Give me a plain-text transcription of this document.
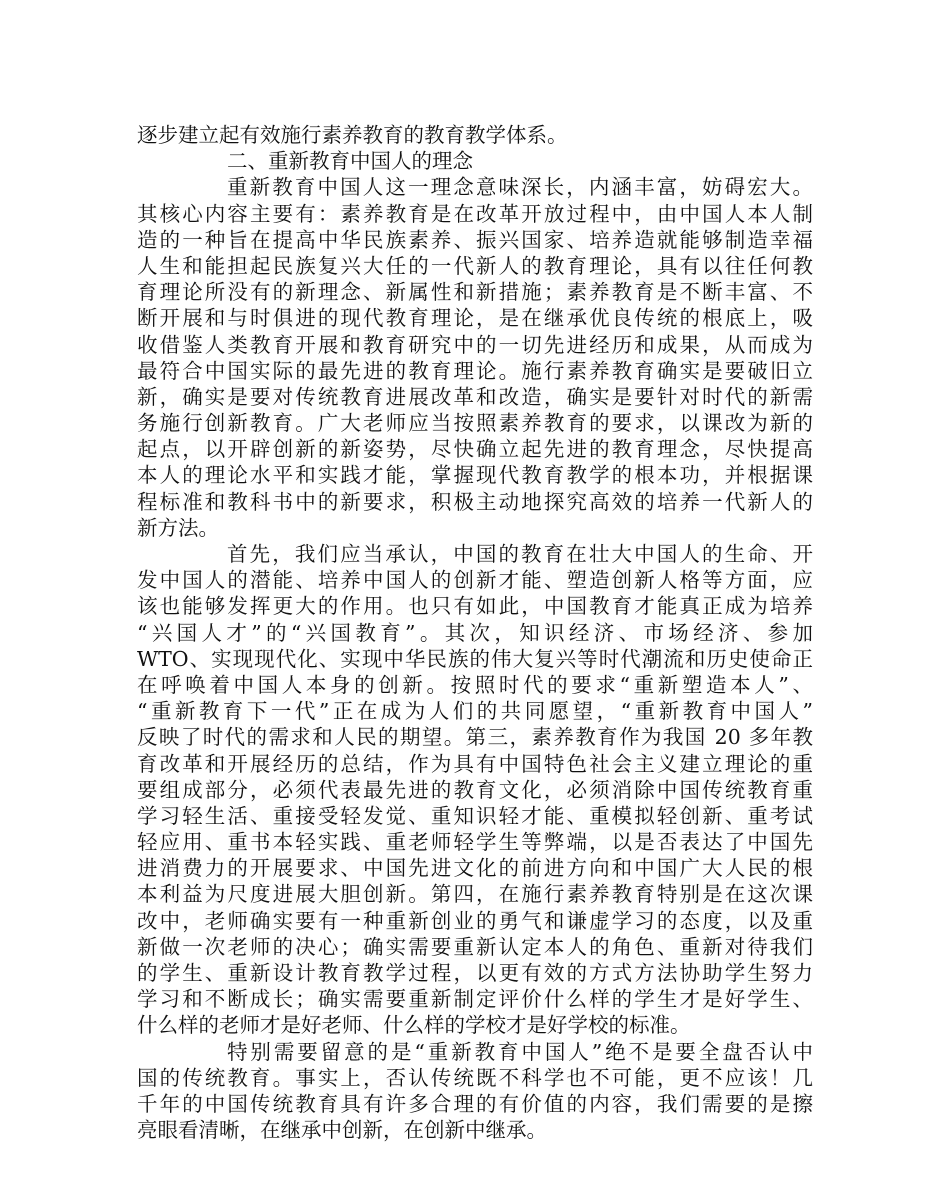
逐步建立起有效施行素养教育的教育教学体系。
二、重新教育中国人的理念
重新教育中国人这一理念意味深长，内涵丰富，妨碍宏大。
其核心内容主要有：素养教育是在改革开放过程中，由中国人本人制
造的一种旨在提高中华民族素养、振兴国家、培养造就能够制造幸福
人生和能担起民族复兴大任的一代新人的教育理论，具有以往任何教
育理论所没有的新理念、新属性和新措施；素养教育是不断丰富、不
断开展和与时俱进的现代教育理论，是在继承优良传统的根底上，吸
收借鉴人类教育开展和教育研究中的一切先进经历和成果，从而成为
最符合中国实际的最先进的教育理论。施行素养教育确实是要破旧立
新，确实是要对传统教育进展改革和改造，确实是要针对时代的新需
务施行创新教育。广大老师应当按照素养教育的要求，以课改为新的
起点，以开辟创新的新姿势，尽快确立起先进的教育理念，尽快提高
本人的理论水平和实践才能，掌握现代教育教学的根本功，并根据课
程标准和教科书中的新要求，积极主动地探究高效的培养一代新人的
新方法。
首先，我们应当承认，中国的教育在壮大中国人的生命、开
发中国人的潜能、培养中国人的创新才能、塑造创新人格等方面，应
该也能够发挥更大的作用。也只有如此，中国教育才能真正成为培养
“兴国人才”的“兴国教育”。其次，知识经济、市场经济、参加
WTO、实现现代化、实现中华民族的伟大复兴等时代潮流和历史使命正
在呼唤着中国人本身的创新。按照时代的要求“重新塑造本人”、
“重新教育下一代”正在成为人们的共同愿望，“重新教育中国人”
反映了时代的需求和人民的期望。第三，素养教育作为我国 20 多年教
育改革和开展经历的总结，作为具有中国特色社会主义建立理论的重
要组成部分，必须代表最先进的教育文化，必须消除中国传统教育重
学习轻生活、重接受轻发觉、重知识轻才能、重模拟轻创新、重考试
轻应用、重书本轻实践、重老师轻学生等弊端，以是否表达了中国先
进消费力的开展要求、中国先进文化的前进方向和中国广大人民的根
本利益为尺度进展大胆创新。第四，在施行素养教育特别是在这次课
改中，老师确实要有一种重新创业的勇气和谦虚学习的态度，以及重
新做一次老师的决心；确实需要重新认定本人的角色、重新对待我们
的学生、重新设计教育教学过程，以更有效的方式方法协助学生努力
学习和不断成长；确实需要重新制定评价什么样的学生才是好学生、
什么样的老师才是好老师、什么样的学校才是好学校的标准。
特别需要留意的是“重新教育中国人”绝不是要全盘否认中
国的传统教育。事实上，否认传统既不科学也不可能，更不应该！几
千年的中国传统教育具有许多合理的有价值的内容，我们需要的是擦
亮眼看清晰，在继承中创新，在创新中继承。
